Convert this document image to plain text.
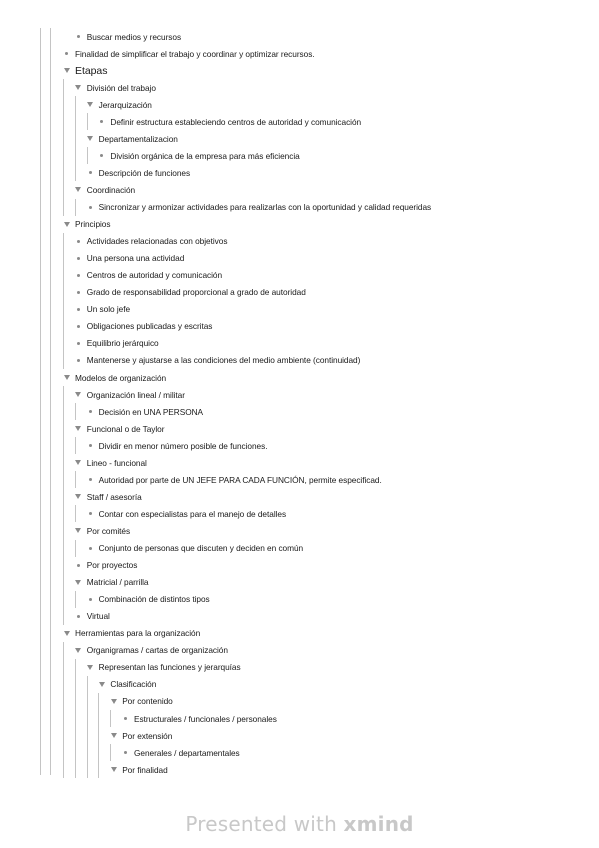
Buscar medios y recursos
Finalidad de simplificar el trabajo y coordinar y optimizar recursos.
Etapas
División del trabajo
Jerarquización
Definir estructura estableciendo centros de autoridad y comunicación
Departamentalizacion
División orgánica de la empresa para más eficiencia
Descripción de funciones
Coordinación
Sincronizar y armonizar actividades para realizarlas con la oportunidad y calidad requeridas
Principios
Actividades relacionadas con objetivos
Una persona una actividad
Centros de autoridad y comunicación
Grado de responsabilidad proporcional a grado de autoridad
Un solo jefe
Obligaciones publicadas y escritas
Equilibrio jerárquico
Mantenerse y ajustarse a las condiciones del medio ambiente (continuidad)
Modelos de organización
Organización lineal / militar
Decisión en UNA PERSONA
Funcional o de Taylor
Dividir en menor número posible de funciones.
Lineo - funcional
Autoridad por parte de UN JEFE PARA CADA FUNCIÓN, permite especificad.
Staff / asesoría
Contar con especialistas para el manejo de detalles
Por comités
Conjunto de personas que discuten y deciden en común
Por proyectos
Matricial / parrilla
Combinación de distintos tipos
Virtual
Herramientas para la organización
Organigramas / cartas de organización
Representan las funciones y jerarquías
Clasificación
Por contenido
Estructurales / funcionales / personales
Por extensión
Generales / departamentales
Por finalidad
Presented with xmind
